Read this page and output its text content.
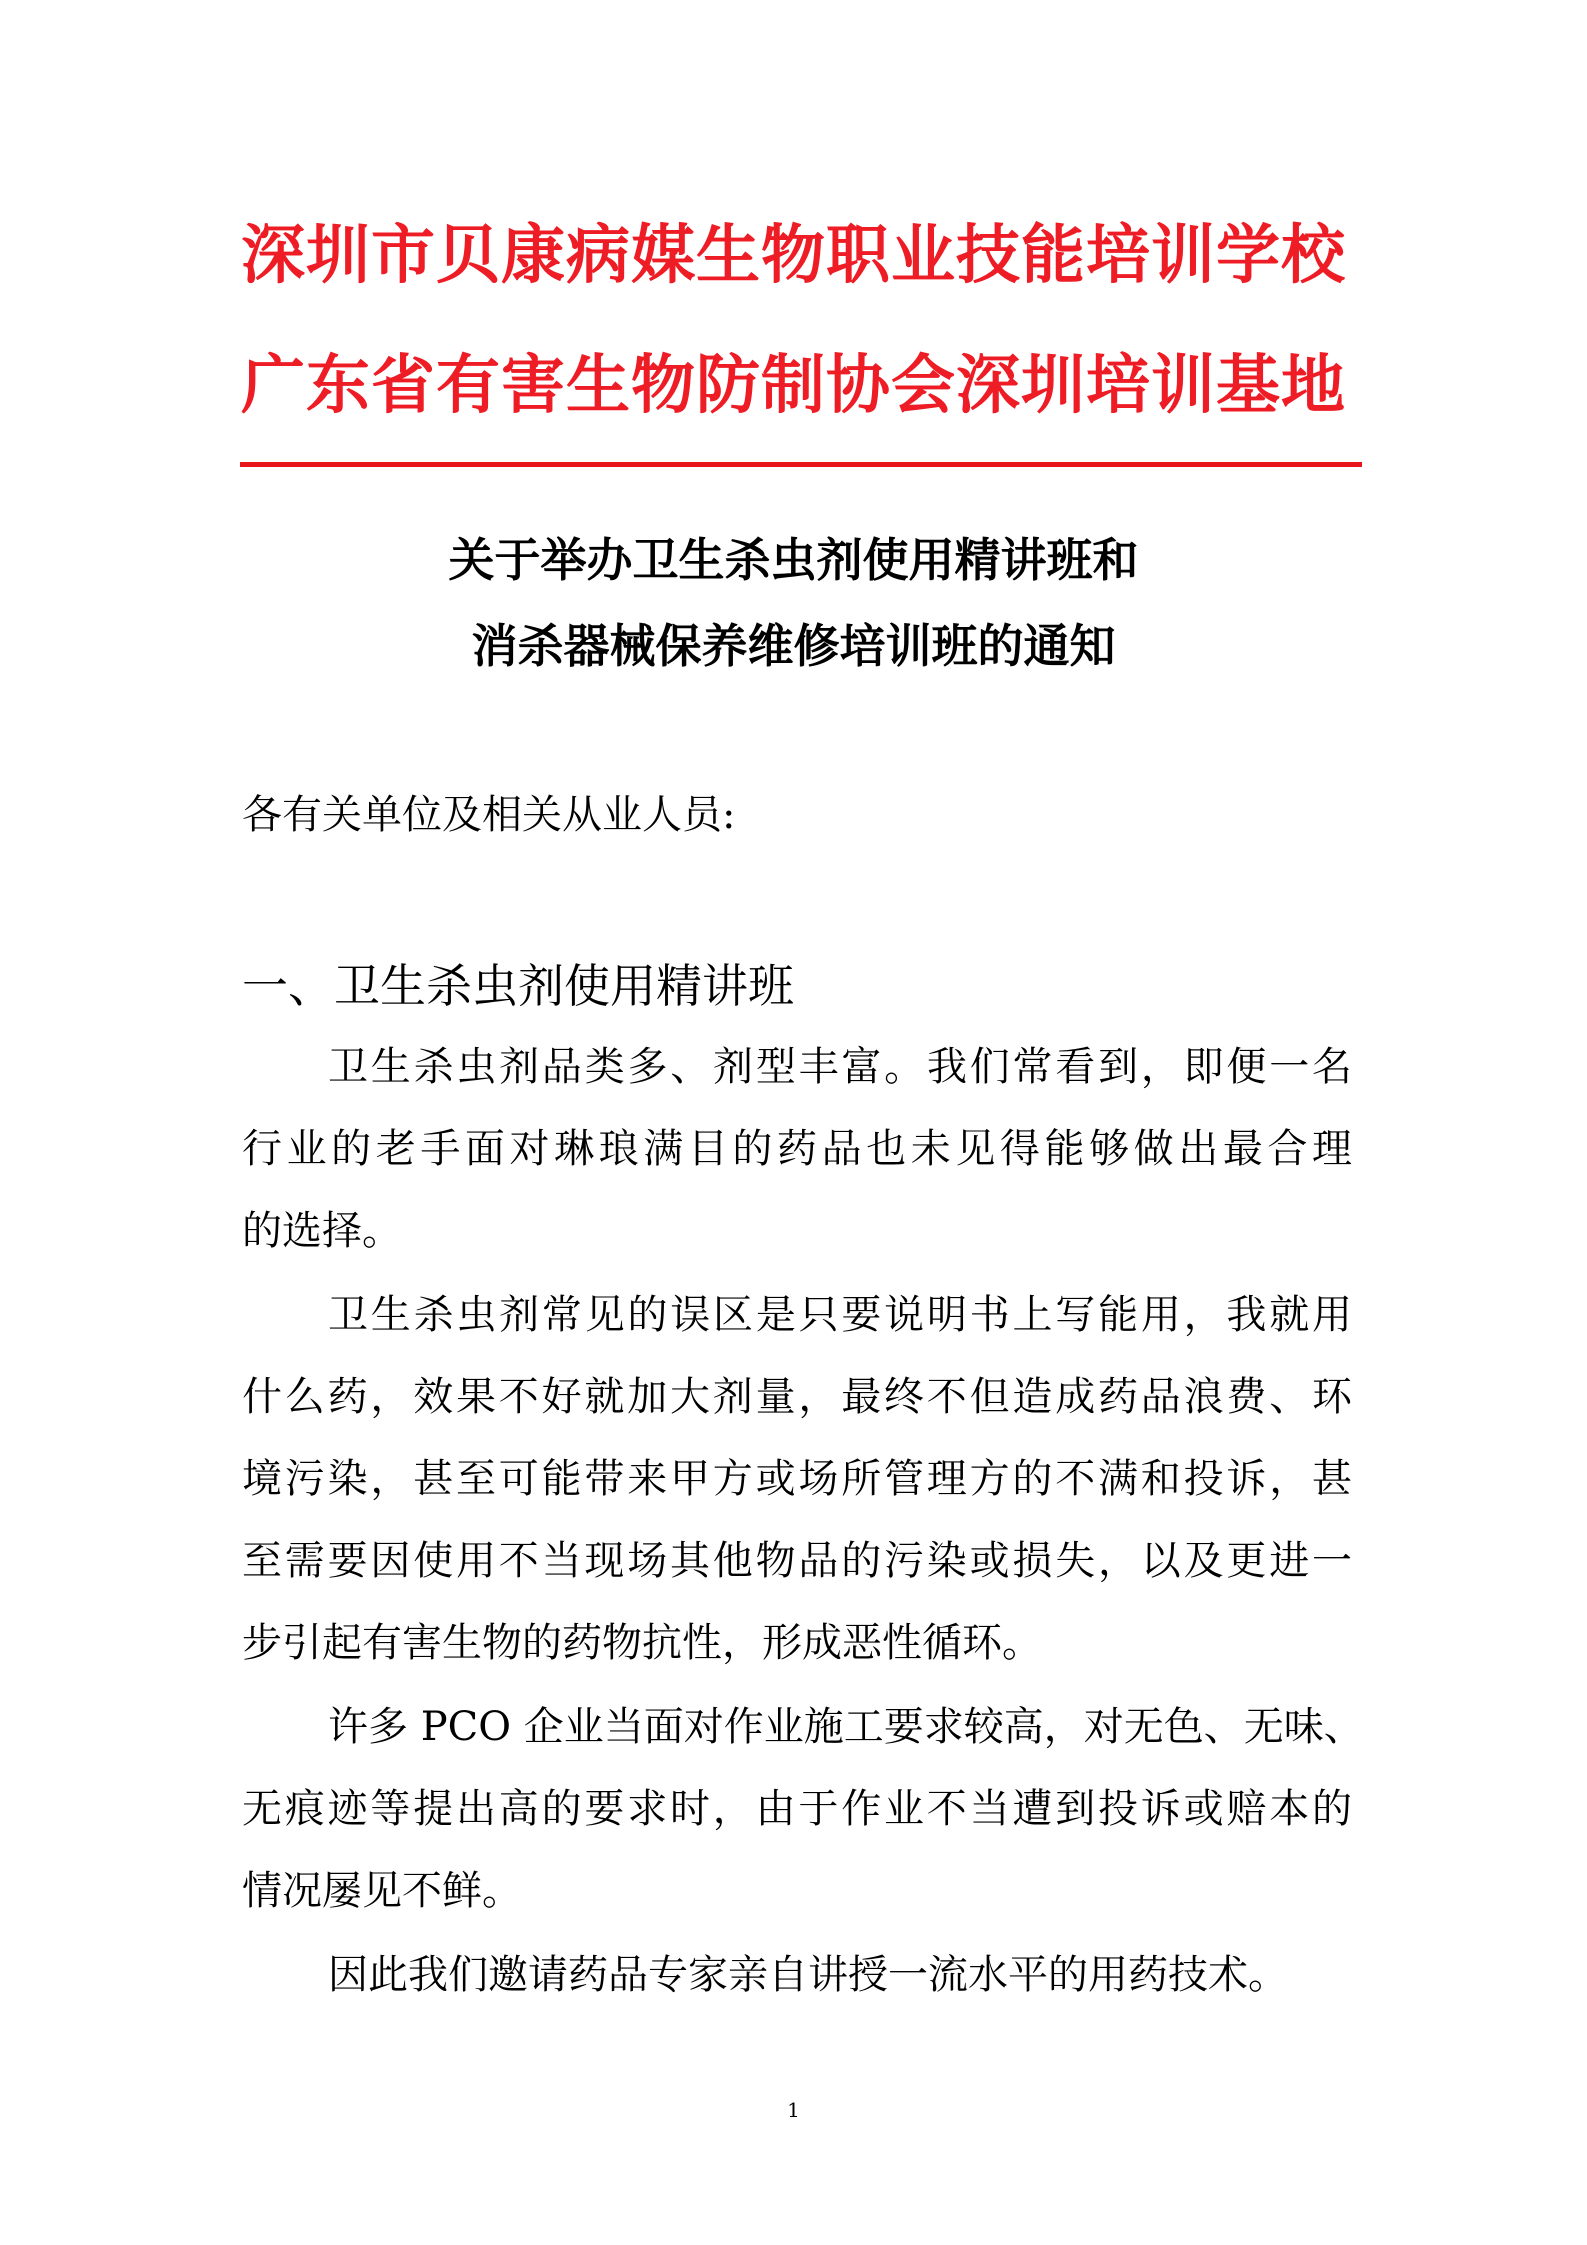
深圳市贝康病媒生物职业技能培训学校
广东省有害生物防制协会深圳培训基地
关于举办卫生杀虫剂使用精讲班和
消杀器械保养维修培训班的通知
各有关单位及相关从业人员:
一、卫生杀虫剂使用精讲班
卫生杀虫剂品类多、剂型丰富。我们常看到，即便一名
行业的老手面对琳琅满目的药品也未见得能够做出最合理
的选择。
卫生杀虫剂常见的误区是只要说明书上写能用，我就用
什么药，效果不好就加大剂量，最终不但造成药品浪费、环
境污染，甚至可能带来甲方或场所管理方的不满和投诉，甚
至需要因使用不当现场其他物品的污染或损失，以及更进一
步引起有害生物的药物抗性，形成恶性循环。
许多 PCO 企业当面对作业施工要求较高，对无色、无味、
无痕迹等提出高的要求时，由于作业不当遭到投诉或赔本的
情况屡见不鲜。
因此我们邀请药品专家亲自讲授一流水平的用药技术。
1
